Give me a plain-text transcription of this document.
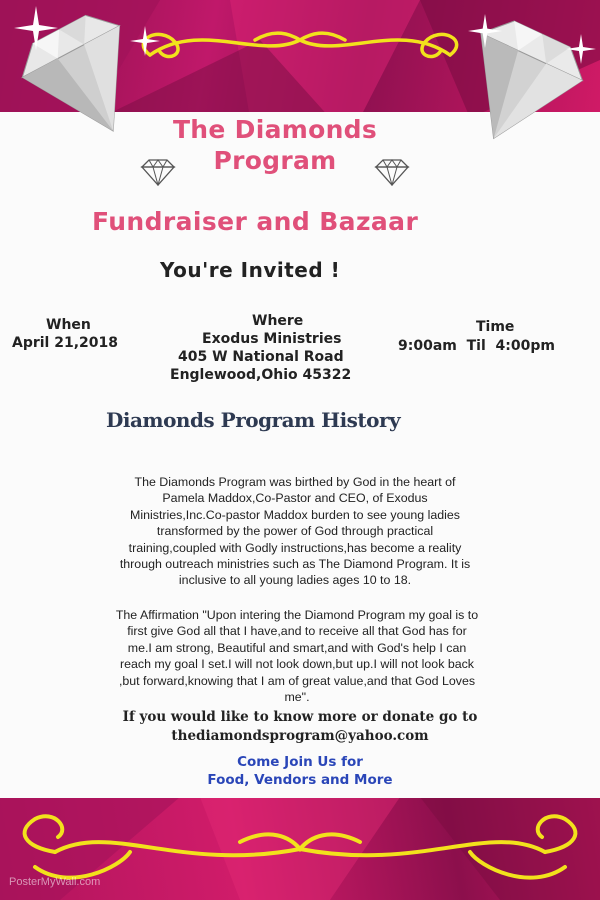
The Diamonds
Program
Fundraiser and Bazaar
You're Invited !
When
April 21,2018
Where
Exodus Ministries
405 W National Road
Englewood,Ohio 45322
Time
9:00am  Til  4:00pm
Diamonds Program History
The Diamonds Program was birthed by God in the heart of
Pamela Maddox,Co-Pastor and CEO, of Exodus
Ministries,Inc.Co-pastor Maddox burden to see young ladies
transformed by the power of God through practical
training,coupled with Godly instructions,has become a reality
through outreach ministries such as The Diamond Program. It is
inclusive to all young ladies ages 10 to 18.
The Affirmation "Upon intering the Diamond Program my goal is to
first give God all that I have,and to receive all that God has for
me.I am strong, Beautiful and smart,and with God's help I can
reach my goal I set.I will not look down,but up.I will not look back
,but forward,knowing that I am of great value,and that God Loves
me".
If you would like to know more or donate go to
thediamondsprogram@yahoo.com
Come Join Us for
Food, Vendors and More
PosterMyWall.com
